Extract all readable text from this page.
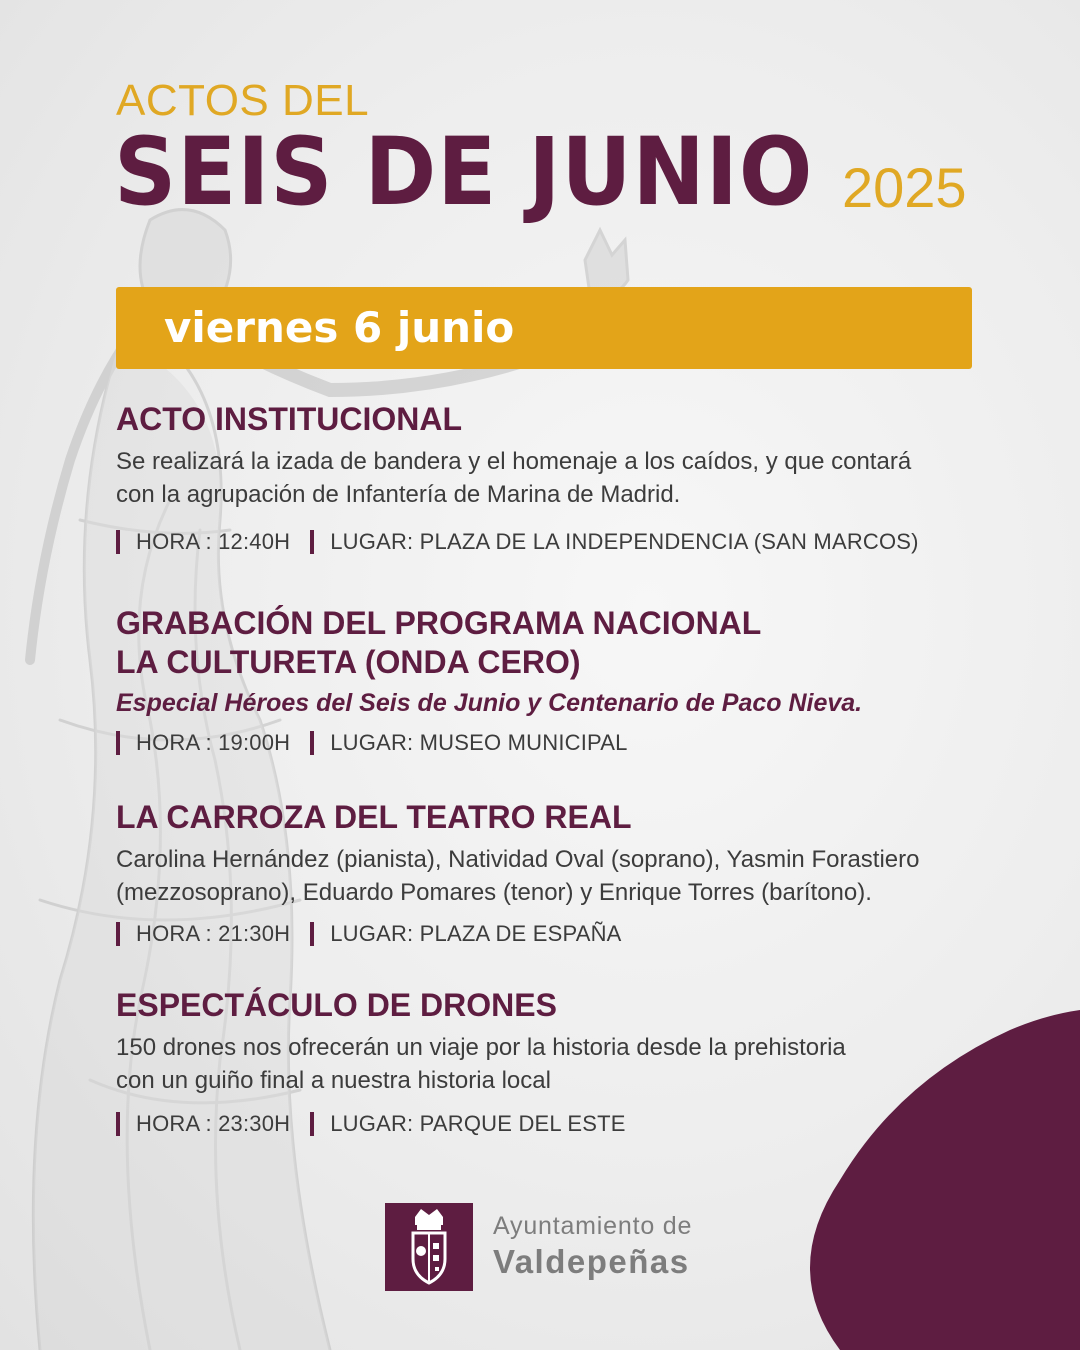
ACTOS DEL
SEIS DE JUNIO 2025
viernes 6 junio
ACTO INSTITUCIONAL
Se realizará la izada de bandera y el homenaje a los caídos, y que contará
con la agrupación de Infantería de Marina de Madrid.
HORA : 12:40H LUGAR: PLAZA DE LA INDEPENDENCIA (SAN MARCOS)
GRABACIÓN DEL PROGRAMA NACIONAL
LA CULTURETA (ONDA CERO)
Especial Héroes del Seis de Junio y Centenario de Paco Nieva.
HORA : 19:00H LUGAR: MUSEO MUNICIPAL
LA CARROZA DEL TEATRO REAL
Carolina Hernández (pianista), Natividad Oval (soprano), Yasmin Forastiero
(mezzosoprano), Eduardo Pomares (tenor) y Enrique Torres (barítono).
HORA : 21:30H LUGAR: PLAZA DE ESPAÑA
ESPECTÁCULO DE DRONES
150 drones nos ofrecerán un viaje por la historia desde la prehistoria
con un guiño final a nuestra historia local
HORA : 23:30H LUGAR: PARQUE DEL ESTE
Ayuntamiento de
Valdepeñas
